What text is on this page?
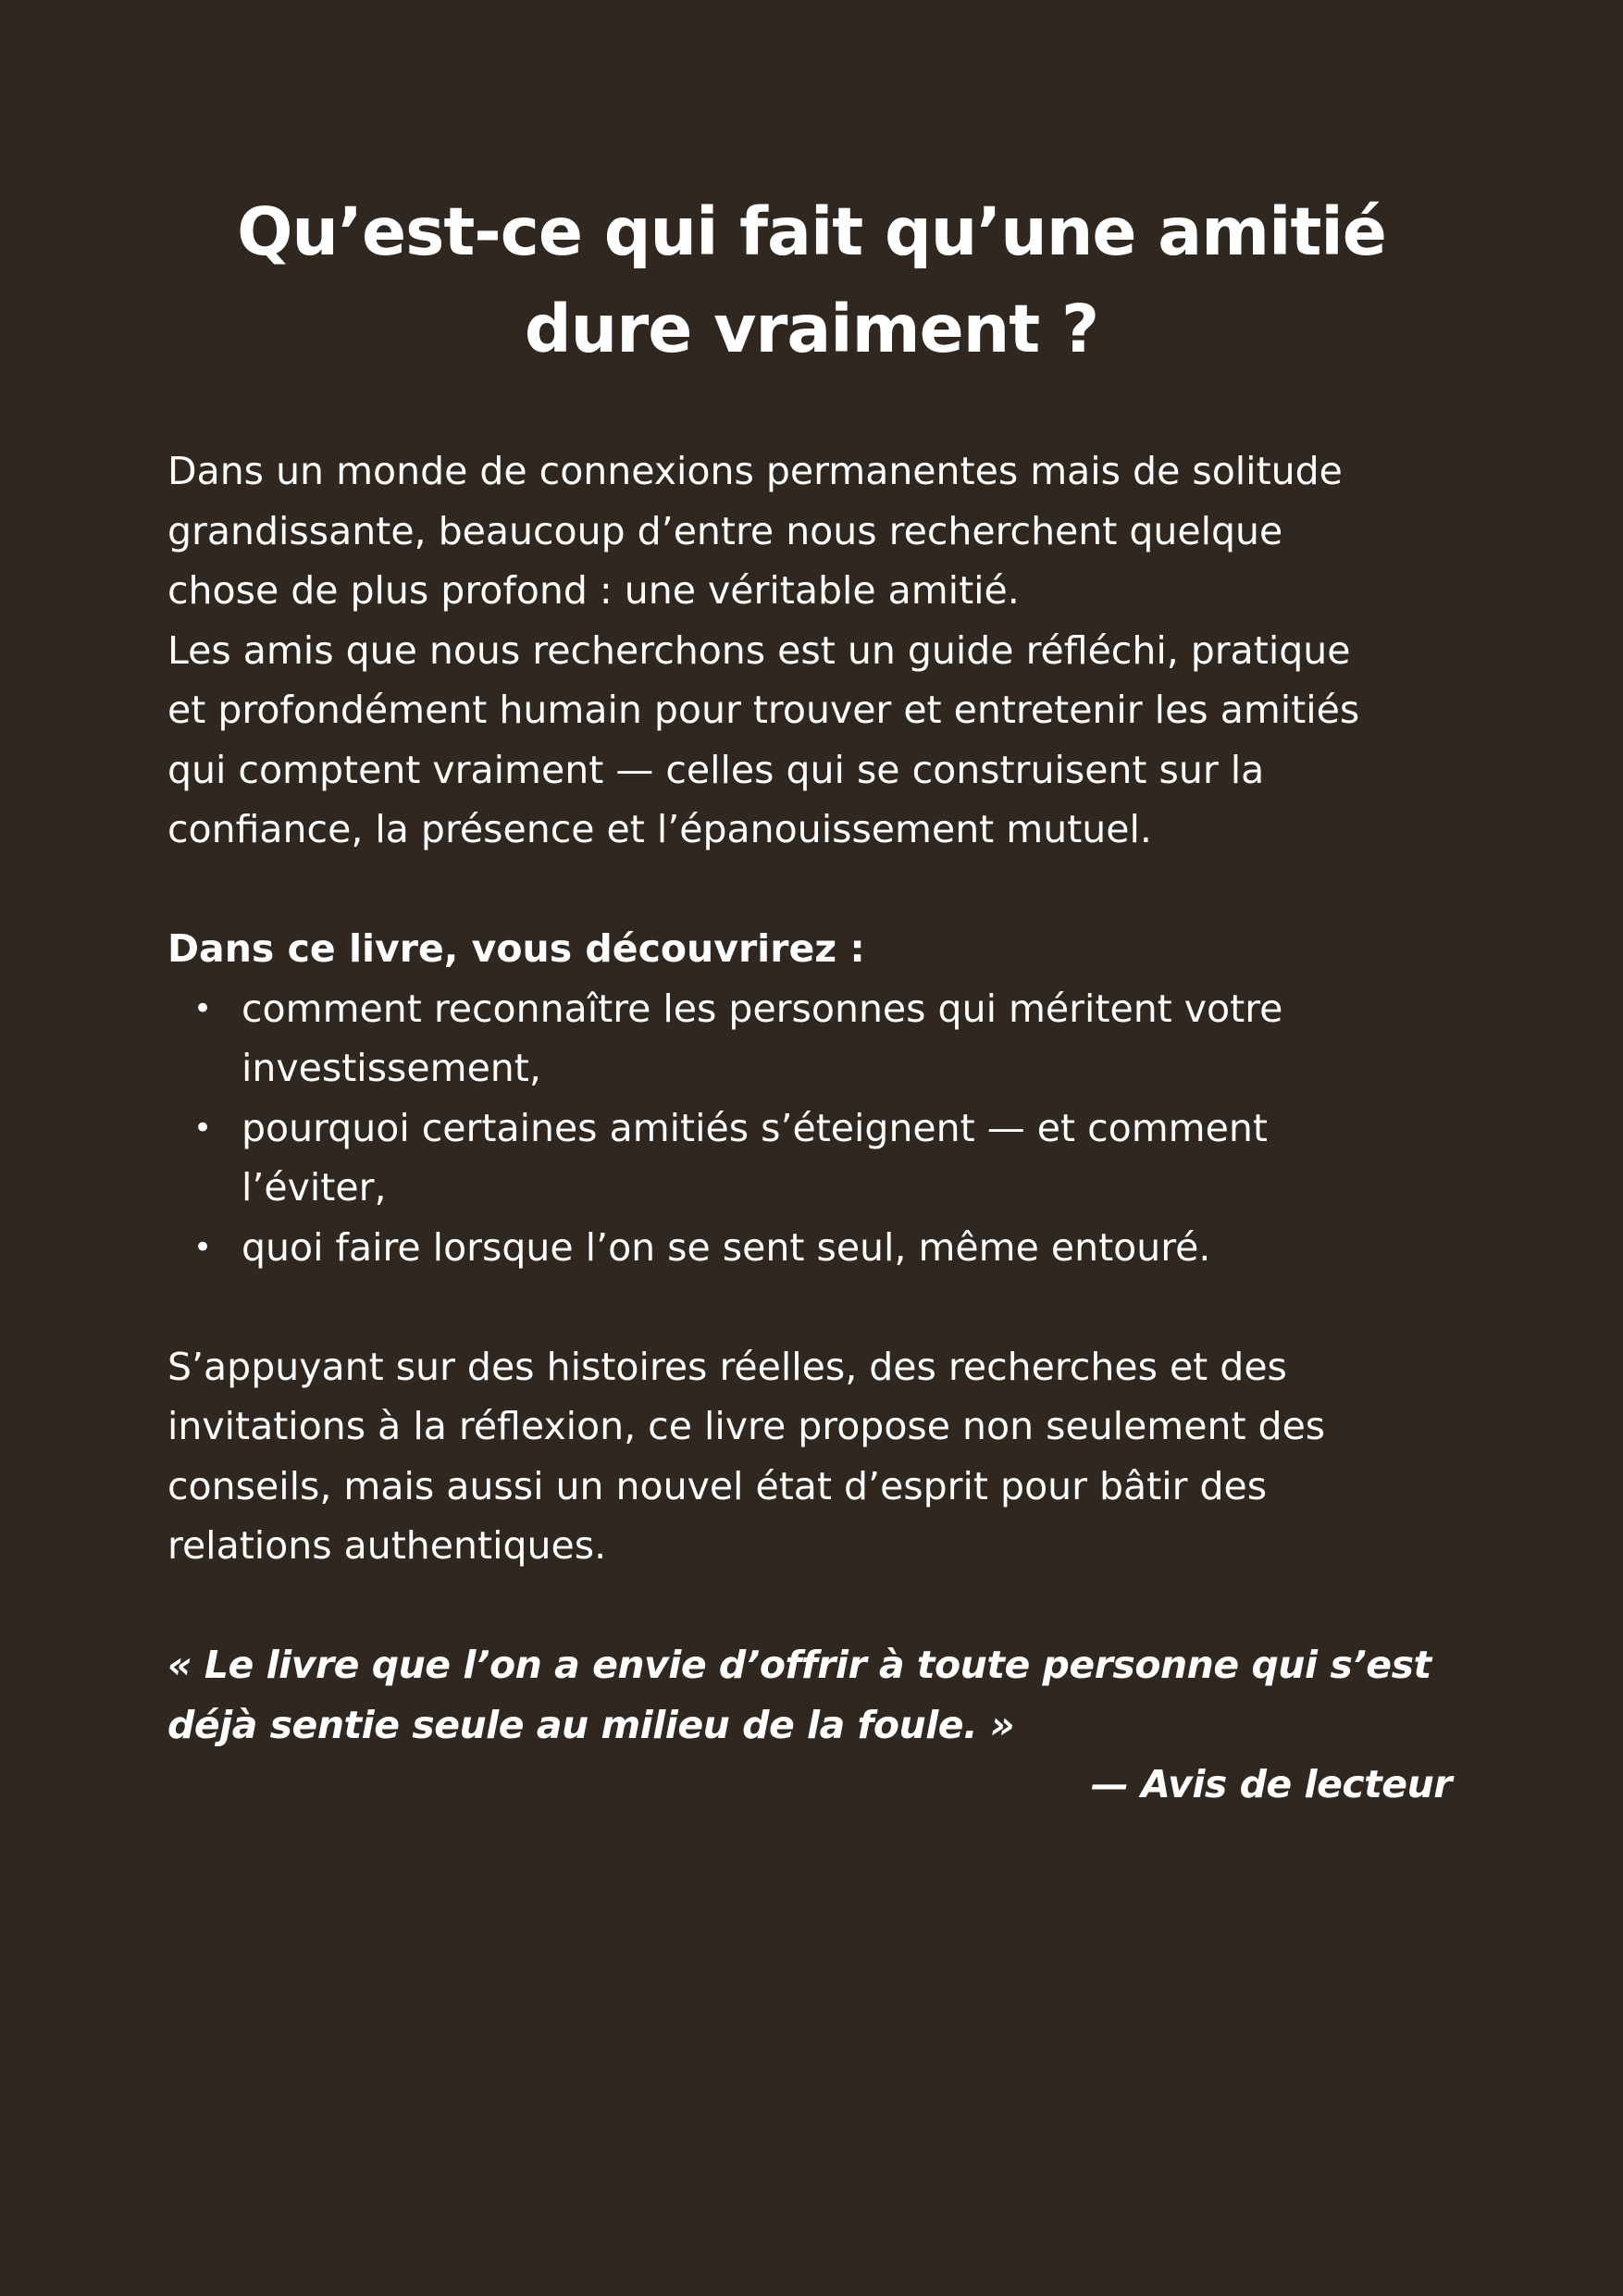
Qu’est-ce qui fait qu’une amitié
dure vraiment ?

Dans un monde de connexions permanentes mais de solitude
grandissante, beaucoup d’entre nous recherchent quelque
chose de plus profond : une véritable amitié.
Les amis que nous recherchons est un guide réfléchi, pratique
et profondément humain pour trouver et entretenir les amitiés
qui comptent vraiment — celles qui se construisent sur la
confiance, la présence et l’épanouissement mutuel.

Dans ce livre, vous découvrirez :

• comment reconnaître les personnes qui méritent votre
investissement,
• pourquoi certaines amitiés s’éteignent — et comment
l’éviter,
• quoi faire lorsque l’on se sent seul, même entouré.

S’appuyant sur des histoires réelles, des recherches et des
invitations à la réflexion, ce livre propose non seulement des
conseils, mais aussi un nouvel état d’esprit pour bâtir des
relations authentiques.

« Le livre que l’on a envie d’offrir à toute personne qui s’est
déjà sentie seule au milieu de la foule. »

— Avis de lecteur
